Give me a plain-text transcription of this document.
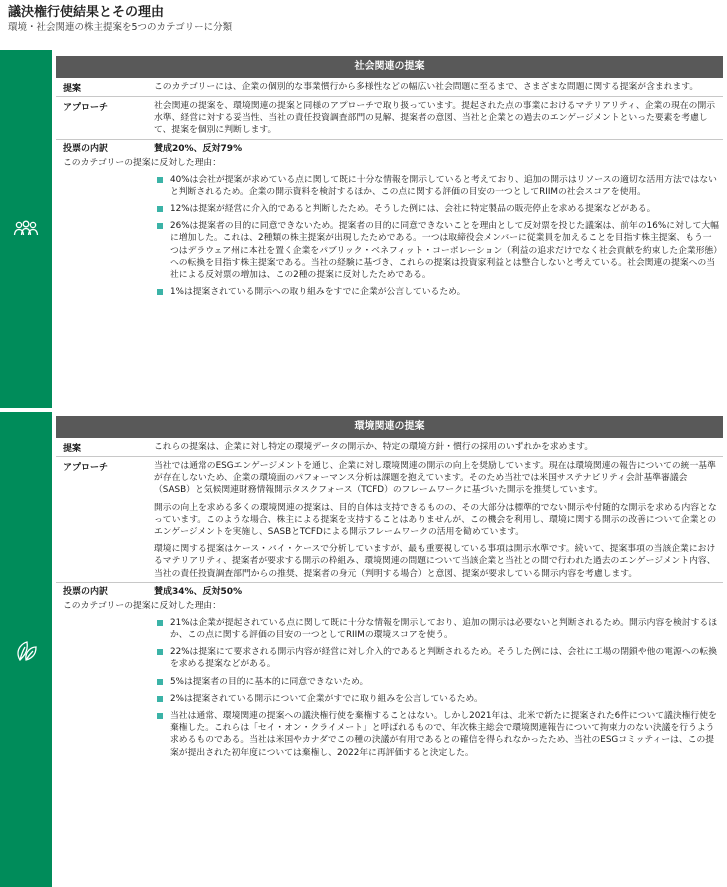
議決権行使結果とその理由
環境・社会関連の株主提案を5つのカテゴリーに分類
社会関連の提案
提案	このカテゴリーには、企業の個別的な事業慣行から多様性などの幅広い社会問題に至るまで、さまざまな問題に関する提案が含まれます。
アプローチ	社会関連の提案を、環境関連の提案と同様のアプローチで取り扱っています。提起された点の事業におけるマテリアリティ、企業の現在の開示水準、経営に対する妥当性、当社の責任投資調査部門の見解、提案者の意図、当社と企業との過去のエンゲージメントといった要素を考慮して、提案を個別に判断します。
投票の内訳	賛成20%、反対79%
このカテゴリーの提案に反対した理由：
40%は会社が提案が求めている点に関して既に十分な情報を開示していると考えており、追加の開示はリソースの適切な活用方法ではないと判断されるため。企業の開示資料を検討するほか、この点に関する評価の目安の一つとしてRIIMの社会スコアを使用。
12%は提案が経営に介入的であると判断したため。そうした例には、会社に特定製品の販売停止を求める提案などがある。
26%は提案者の目的に同意できないため。提案者の目的に同意できないことを理由として反対票を投じた議案は、前年の16%に対して大幅に増加した。これは、2種類の株主提案が出現したためである。一つは取締役会メンバーに従業員を加えることを目指す株主提案、もう一つはデラウェア州に本社を置く企業をパブリック・ベネフィット・コーポレーション（利益の追求だけでなく社会貢献を約束した企業形態）への転換を目指す株主提案である。当社の経験に基づき、これらの提案は投資家利益とは整合しないと考えている。社会関連の提案への当社による反対票の増加は、この2種の提案に反対したためである。
1%は提案されている開示への取り組みをすでに企業が公言しているため。
環境関連の提案
提案	これらの提案は、企業に対し特定の環境データの開示か、特定の環境方針・慣行の採用のいずれかを求めます。
アプローチ	当社では通常のESGエンゲージメントを通じ、企業に対し環境関連の開示の向上を奨励しています。現在は環境関連の報告についての統一基準が存在しないため、企業の環境面のパフォーマンス分析は課題を抱えています。そのため当社では米国サステナビリティ会計基準審議会（SASB）と気候関連財務情報開示タスクフォース（TCFD）のフレームワークに基づいた開示を推奨しています。

開示の向上を求める多くの環境関連の提案は、目的自体は支持できるものの、その大部分は標準的でない開示や付随的な開示を求める内容となっています。このような場合、株主による提案を支持することはありませんが、この機会を利用し、環境に関する開示の改善について企業とのエンゲージメントを実施し、SASBとTCFDによる開示フレームワークの活用を勧めています。

環境に関する提案はケース・バイ・ケースで分析していますが、最も重要視している事項は開示水準です。続いて、提案事項の当該企業におけるマテリアリティ、提案者が要求する開示の枠組み、環境関連の問題について当該企業と当社との間で行われた過去のエンゲージメント内容、当社の責任投資調査部門からの推奨、提案者の身元（判明する場合）と意図、提案が要求している開示内容を考慮します。

投票の内訳	賛成34%、反対50%
このカテゴリーの提案に反対した理由：
21%は企業が提起されている点に関して既に十分な情報を開示しており、追加の開示は必要ないと判断されるため。開示内容を検討するほか、この点に関する評価の目安の一つとしてRIIMの環境スコアを使う。
22%は提案にて要求される開示内容が経営に対し介入的であると判断されるため。そうした例には、会社に工場の閉鎖や他の電源への転換を求める提案などがある。
5%は提案者の目的に基本的に同意できないため。
2%は提案されている開示について企業がすでに取り組みを公言しているため。
当社は通常、環境関連の提案への議決権行使を棄権することはない。しかし2021年は、北米で新たに提案された6件について議決権行使を棄権した。これらは「セイ・オン・クライメート」と呼ばれるもので、年次株主総会で環境関連報告について拘束力のない決議を行うよう求めるものである。当社は米国やカナダでこの種の決議が有用であるとの確信を得られなかったため、当社のESGコミッティーは、この提案が提出された初年度については棄権し、2022年に再評価すると決定した。
